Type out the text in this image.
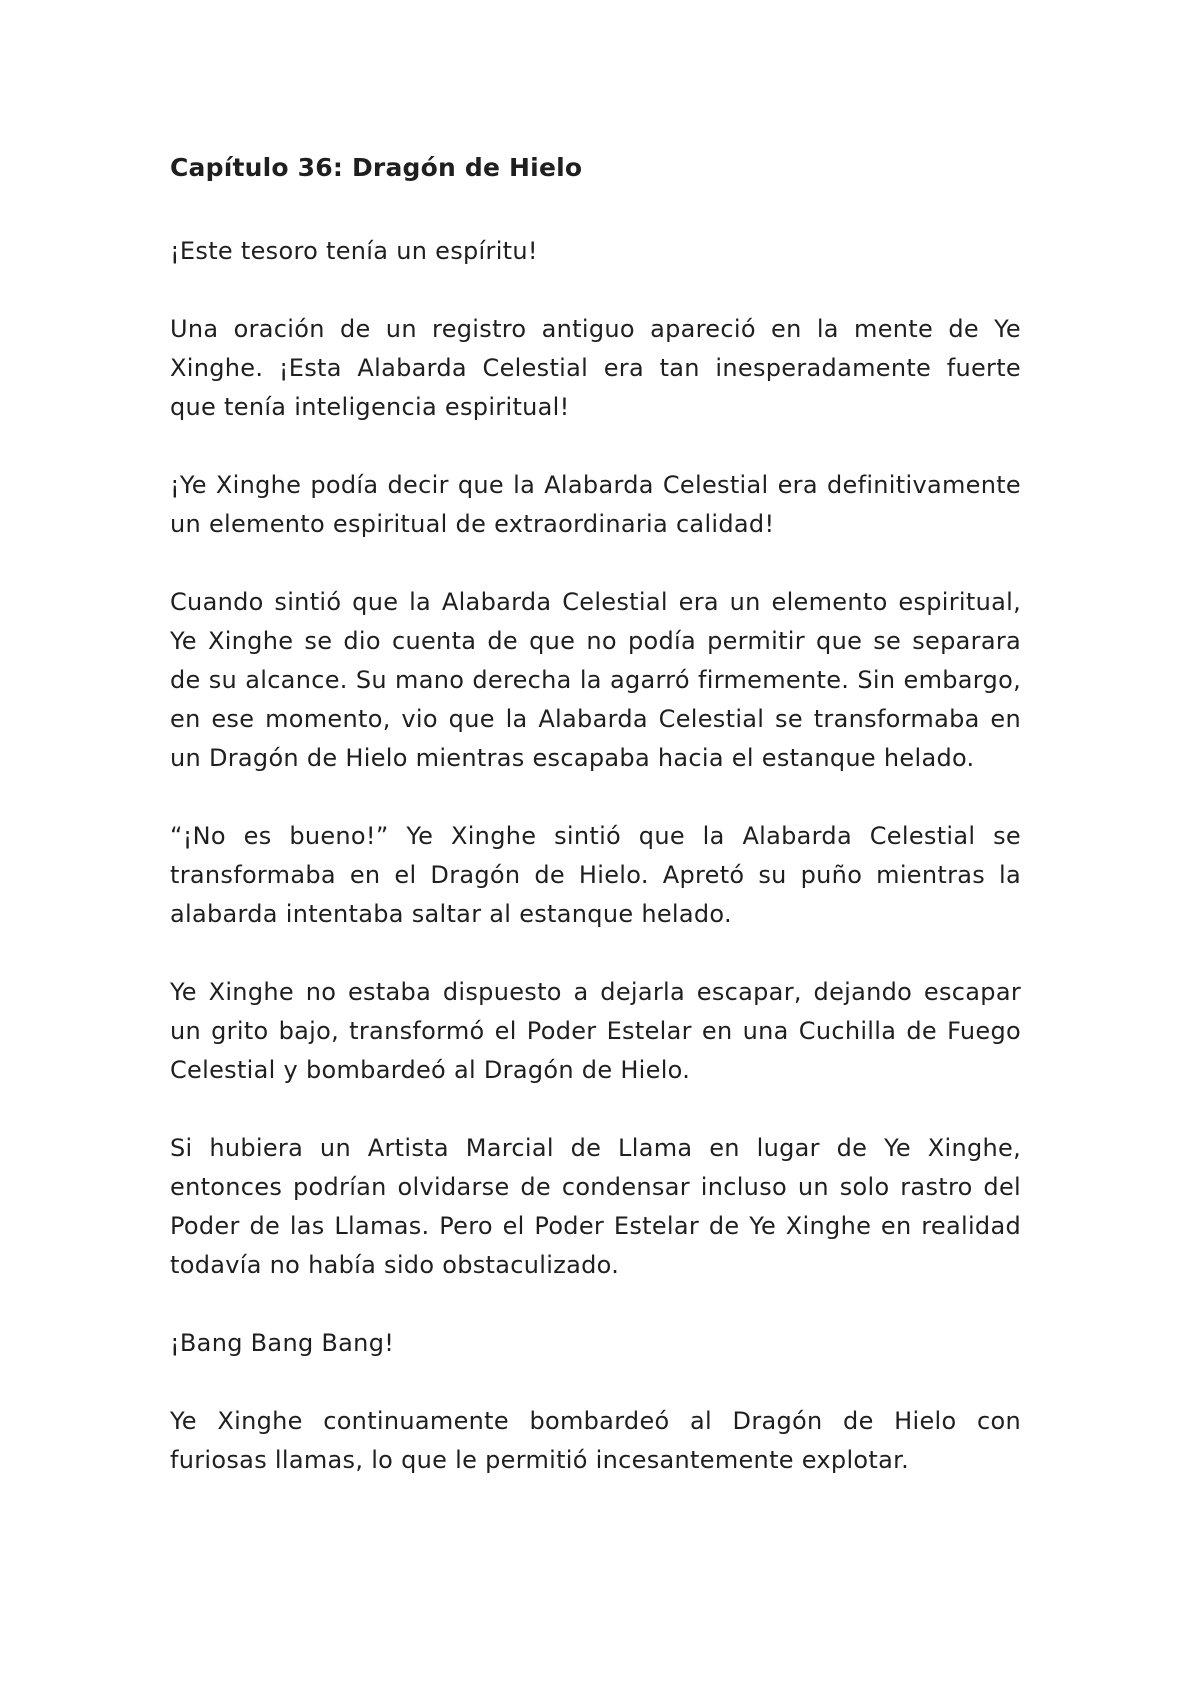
Capítulo 36: Dragón de Hielo

¡Este tesoro tenía un espíritu!

Una oración de un registro antiguo apareció en la mente de Ye Xinghe. ¡Esta Alabarda Celestial era tan inesperadamente fuerte que tenía inteligencia espiritual!

¡Ye Xinghe podía decir que la Alabarda Celestial era definitivamente un elemento espiritual de extraordinaria calidad!

Cuando sintió que la Alabarda Celestial era un elemento espiritual, Ye Xinghe se dio cuenta de que no podía permitir que se separara de su alcance. Su mano derecha la agarró firmemente. Sin embargo, en ese momento, vio que la Alabarda Celestial se transformaba en un Dragón de Hielo mientras escapaba hacia el estanque helado.

“¡No es bueno!” Ye Xinghe sintió que la Alabarda Celestial se transformaba en el Dragón de Hielo. Apretó su puño mientras la alabarda intentaba saltar al estanque helado.

Ye Xinghe no estaba dispuesto a dejarla escapar, dejando escapar un grito bajo, transformó el Poder Estelar en una Cuchilla de Fuego Celestial y bombardeó al Dragón de Hielo.

Si hubiera un Artista Marcial de Llama en lugar de Ye Xinghe, entonces podrían olvidarse de condensar incluso un solo rastro del Poder de las Llamas. Pero el Poder Estelar de Ye Xinghe en realidad todavía no había sido obstaculizado.

¡Bang Bang Bang!

Ye Xinghe continuamente bombardeó al Dragón de Hielo con furiosas llamas, lo que le permitió incesantemente explotar.
